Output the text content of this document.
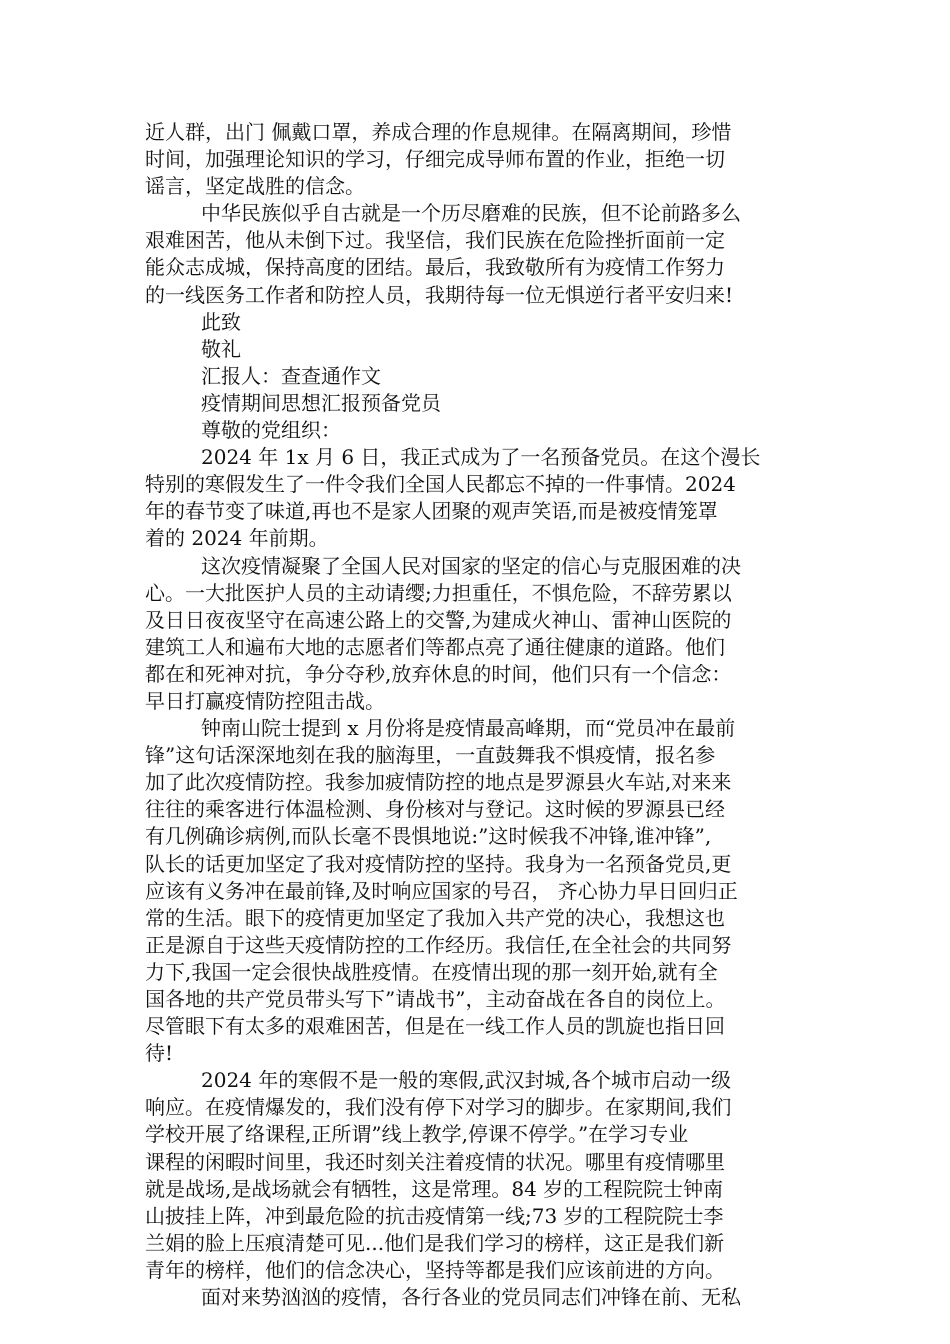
近人群，出门 佩戴口罩，养成合理的作息规律。在隔离期间，珍惜
时间，加强理论知识的学习，仔细完成导师布置的作业，拒绝一切
谣言，坚定战胜的信念。
中华民族似乎自古就是一个历尽磨难的民族，但不论前路多么
艰难困苦，他从未倒下过。我坚信，我们民族在危险挫折面前一定
能众志成城，保持高度的团结。最后，我致敬所有为疫情工作努力
的一线医务工作者和防控人员，我期待每一位无惧逆行者平安归来!
此致
敬礼
汇报人：查查通作文
疫情期间思想汇报预备党员
尊敬的党组织：
2024 年 1x 月 6 日，我正式成为了一名预备党员。在这个漫长
特别的寒假发生了一件令我们全国人民都忘不掉的一件事情。2024
年的春节变了味道,再也不是家人团聚的观声笑语,而是被疫情笼罩
着的 2024 年前期。
这次疫情凝聚了全国人民对国家的坚定的信心与克服困难的决
心。一大批医护人员的主动请缨;力担重任，不惧危险，不辞劳累以
及日日夜夜坚守在高速公路上的交警,为建成火神山、雷神山医院的
建筑工人和遍布大地的志愿者们等都点亮了通往健康的道路。他们
都在和死神对抗，争分夺秒,放弃休息的时间，他们只有一个信念：
早日打赢疫情防控阻击战。
钟南山院士提到 x 月份将是疫情最高峰期，而“党员冲在最前
锋”这句话深深地刻在我的脑海里，一直鼓舞我不惧疫情，报名参
加了此次疫情防控。我参加疲情防控的地点是罗源县火车站,对来来
往往的乘客进行体温检测、身份核对与登记。这时候的罗源县已经
有几例确诊病例,而队长毫不畏惧地说:”这时候我不冲锋,谁冲锋”,
队长的话更加坚定了我对疫情防控的坚持。我身为一名预备党员,更
应该有义务冲在最前锋,及时响应国家的号召， 齐心协力早日回归正
常的生活。眼下的疫情更加坚定了我加入共产党的决心，我想这也
正是源自于这些天疫情防控的工作经历。我信任,在全社会的共同努
力下,我国一定会很快战胜疫情。在疫情出现的那一刻开始,就有全
国各地的共产党员带头写下”请战书”，主动奋战在各自的岗位上。
尽管眼下有太多的艰难困苦，但是在一线工作人员的凯旋也指日回
待!
2024 年的寒假不是一般的寒假,武汉封城,各个城市启动一级
响应。在疫情爆发的，我们没有停下对学习的脚步。在家期间,我们
学校开展了络课程,正所谓”线上教学,停课不停学。”在学习专业
课程的闲暇时间里，我还时刻关注着疫情的状况。哪里有疫情哪里
就是战场,是战场就会有牺牲，这是常理。84 岁的工程院院士钟南
山披挂上阵，冲到最危险的抗击疫情第一线;73 岁的工程院院士李
兰娟的脸上压痕清楚可见...他们是我们学习的榜样，这正是我们新
青年的榜样，他们的信念决心，坚持等都是我们应该前进的方向。
面对来势汹汹的疫情，各行各业的党员同志们冲锋在前、无私
